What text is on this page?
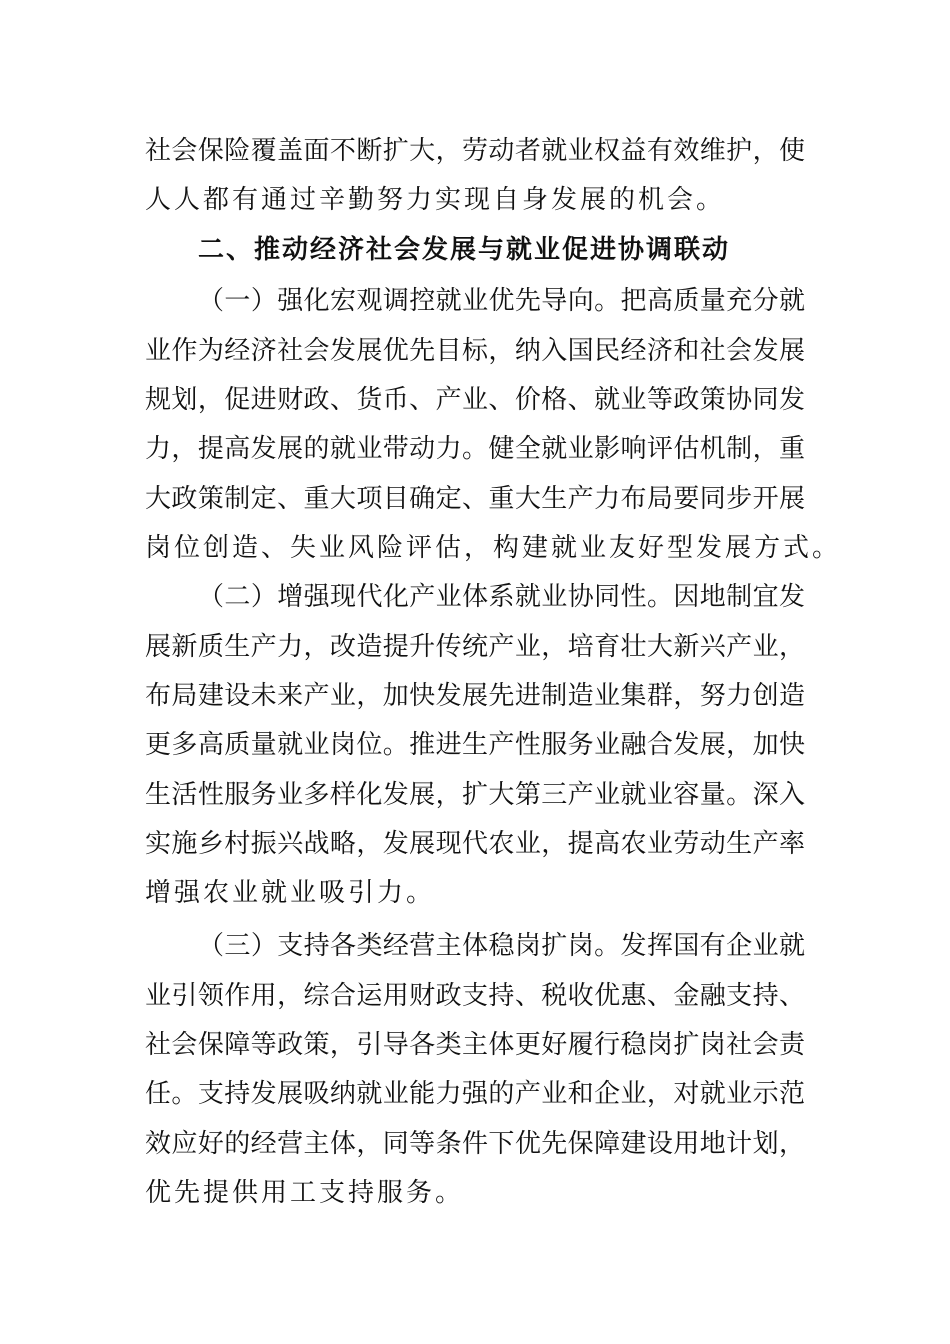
社会保险覆盖面不断扩大，劳动者就业权益有效维护，使
人人都有通过辛勤努力实现自身发展的机会。
二、推动经济社会发展与就业促进协调联动
（一）强化宏观调控就业优先导向。把高质量充分就
业作为经济社会发展优先目标，纳入国民经济和社会发展
规划，促进财政、货币、产业、价格、就业等政策协同发
力，提高发展的就业带动力。健全就业影响评估机制，重
大政策制定、重大项目确定、重大生产力布局要同步开展
岗位创造、失业风险评估，构建就业友好型发展方式。
（二）增强现代化产业体系就业协同性。因地制宜发
展新质生产力，改造提升传统产业，培育壮大新兴产业，
布局建设未来产业，加快发展先进制造业集群，努力创造
更多高质量就业岗位。推进生产性服务业融合发展，加快
生活性服务业多样化发展，扩大第三产业就业容量。深入
实施乡村振兴战略，发展现代农业，提高农业劳动生产率
增强农业就业吸引力。
（三）支持各类经营主体稳岗扩岗。发挥国有企业就
业引领作用，综合运用财政支持、税收优惠、金融支持、
社会保障等政策，引导各类主体更好履行稳岗扩岗社会责
任。支持发展吸纳就业能力强的产业和企业，对就业示范
效应好的经营主体，同等条件下优先保障建设用地计划，
优先提供用工支持服务。
